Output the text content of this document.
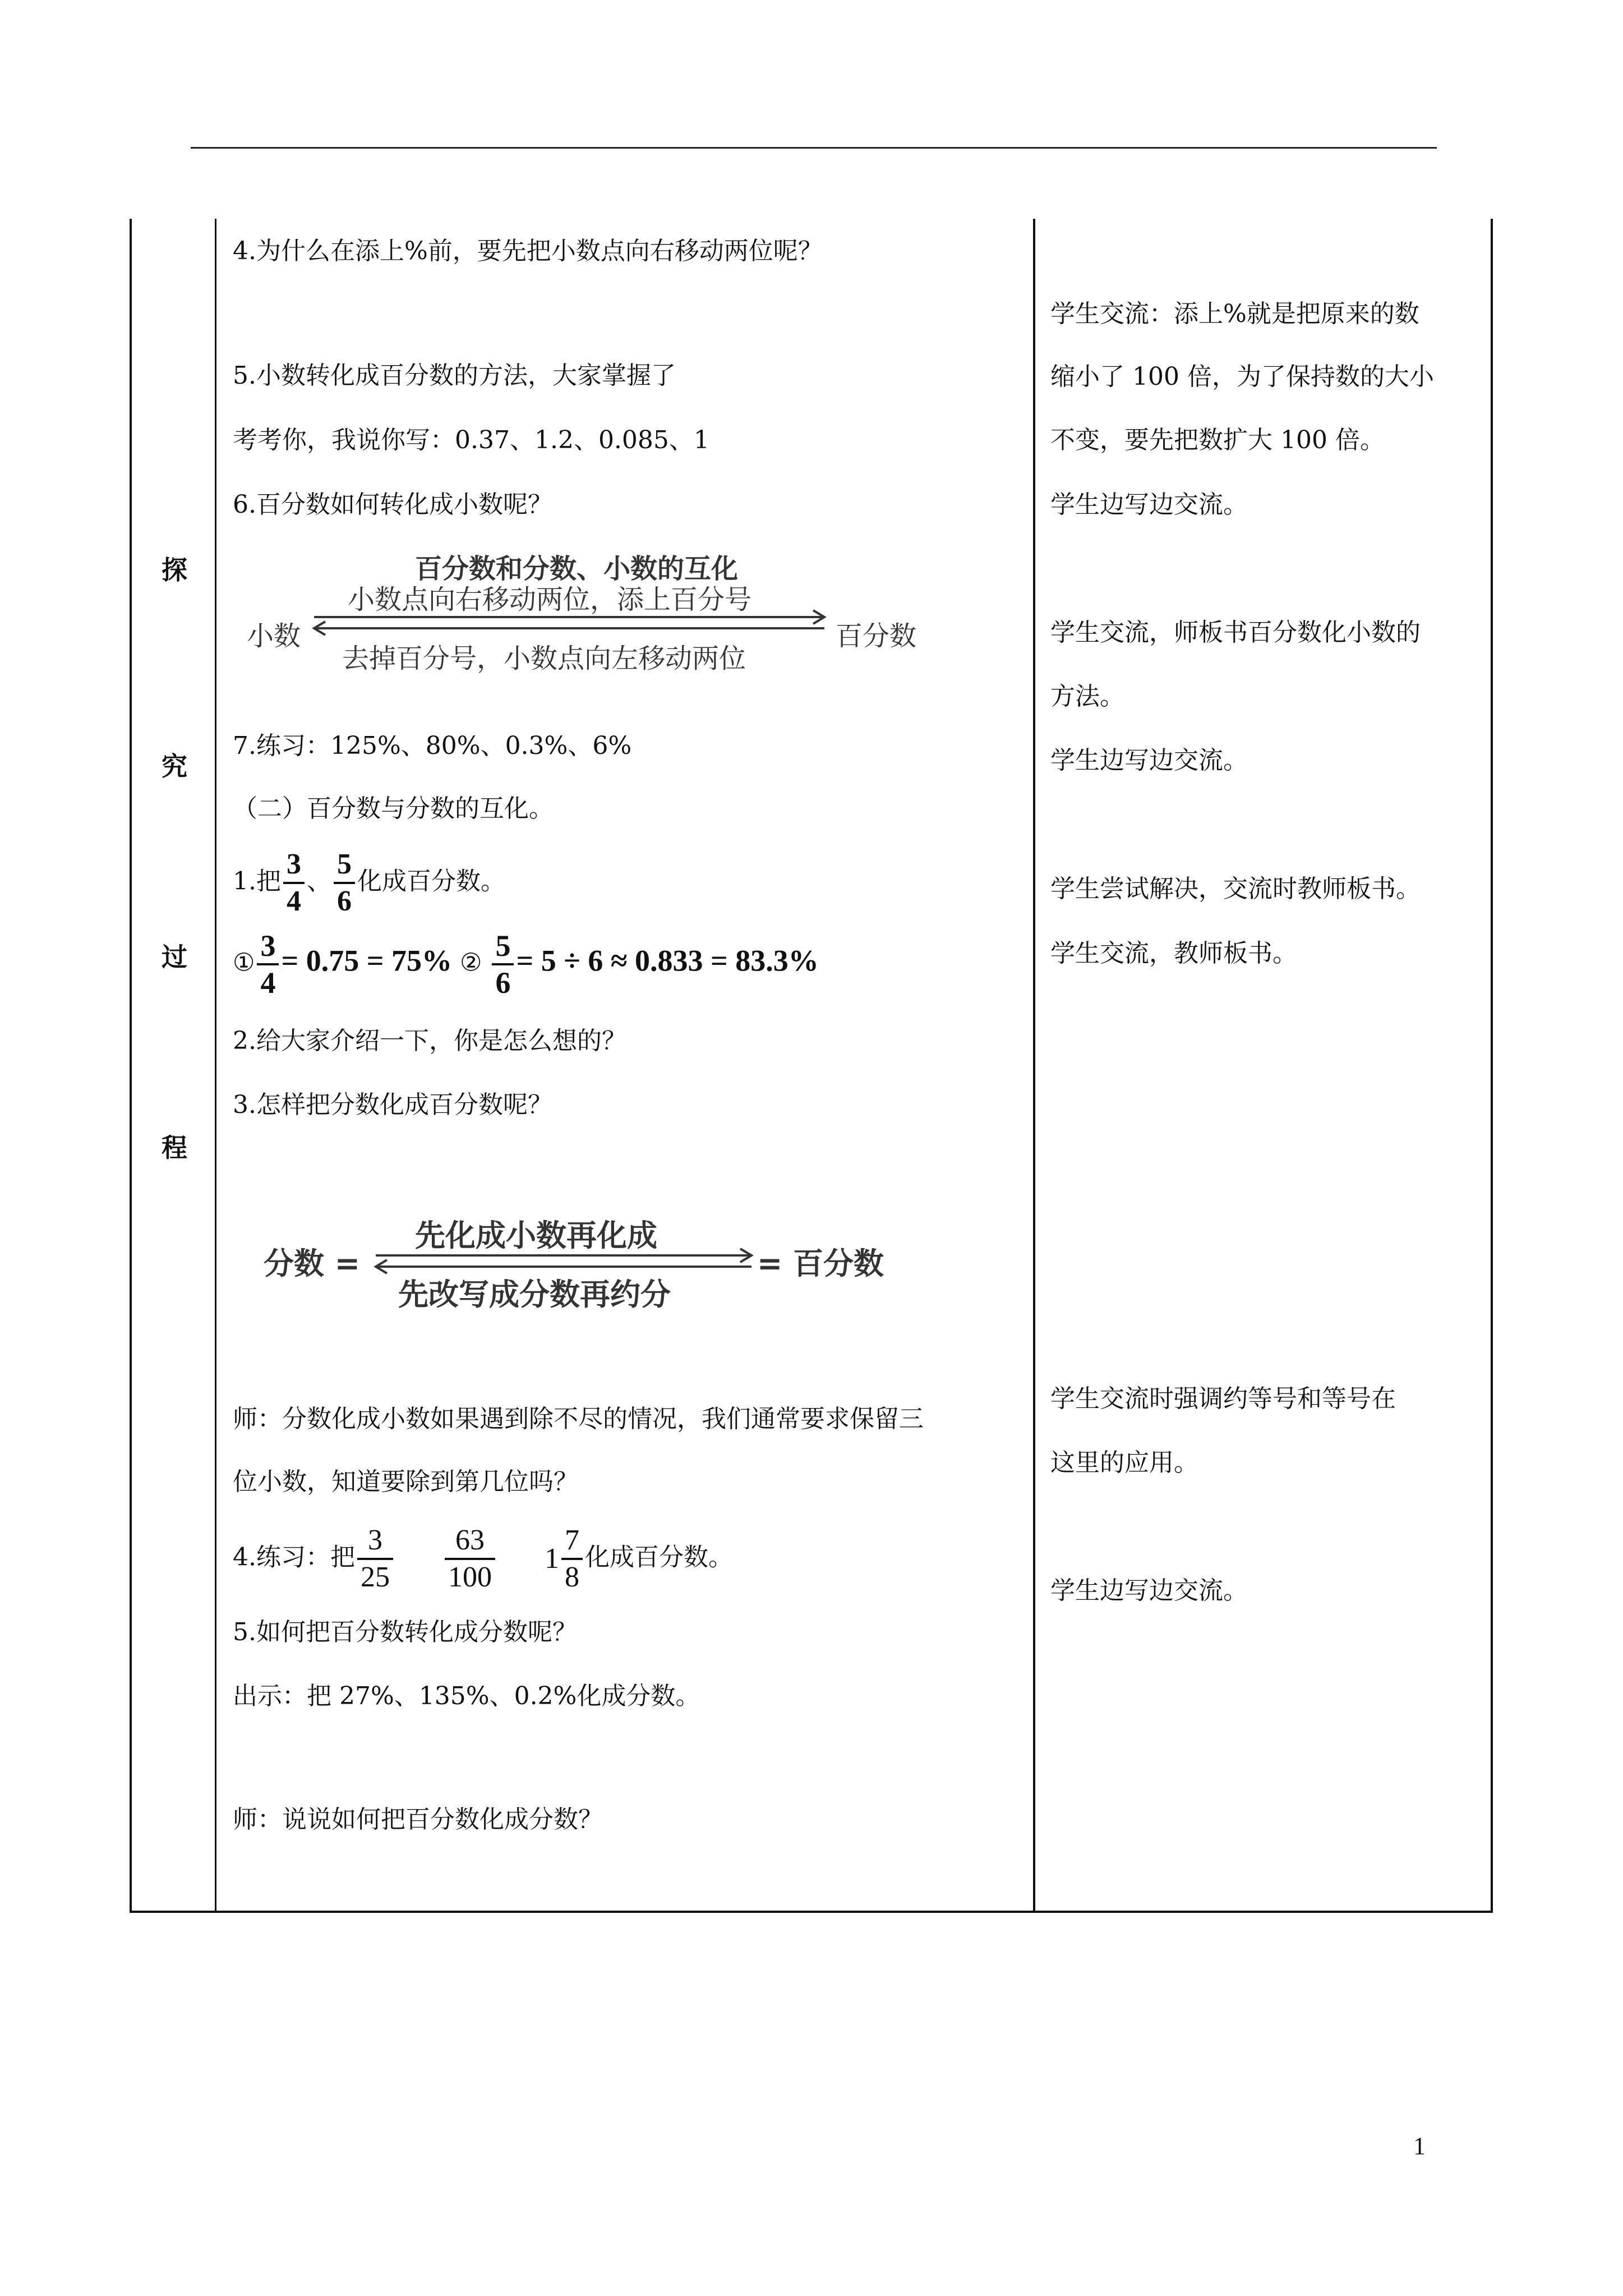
探
究
过
程
4.为什么在添上%前，要先把小数点向右移动两位呢？
5.小数转化成百分数的方法，大家掌握了
考考你，我说你写：0.37、1.2、0.085、1
6.百分数如何转化成小数呢？
百分数和分数、小数的互化
小数
小数点向右移动两位，添上百分号
去掉百分号，小数点向左移动两位
百分数
7.练习：125%、80%、0.3%、6%
（二）百分数与分数的互化。
1.把 $\frac{3}{4}$ 、 $\frac{5}{6}$ 化成百分数。
① $\frac{3}{4} = 0.75 = 75\%$ ② $\frac{5}{6} = 5 \div 6 \approx 0.833 = 83.3\%$
2.给大家介绍一下，你是怎么想的？
3.怎样把分数化成百分数呢？
先化成小数再化成
分数 =	= 百分数
先改写成分数再约分
师：分数化成小数如果遇到除不尽的情况，我们通常要求保留三
位小数，知道要除到第几位吗？
4.练习：把 $\frac{3}{25}$
$\frac{63}{100} 1 \frac{7}{8}$ 化成百分数。
5.如何把百分数转化成分数呢？
出示：把 27%、135%、0.2%化成分数。
师：说说如何把百分数化成分数？
学生交流：添上%就是把原来的数
缩小了 100 倍，为了保持数的大小
不变，要先把数扩大 100 倍。
学生边写边交流。
学生交流，师板书百分数化小数的
方法。
学生边写边交流。
学生尝试解决，交流时教师板书。
学生交流，教师板书。
学生交流时强调约等号和等号在
这里的应用。
学生边写边交流。
1
